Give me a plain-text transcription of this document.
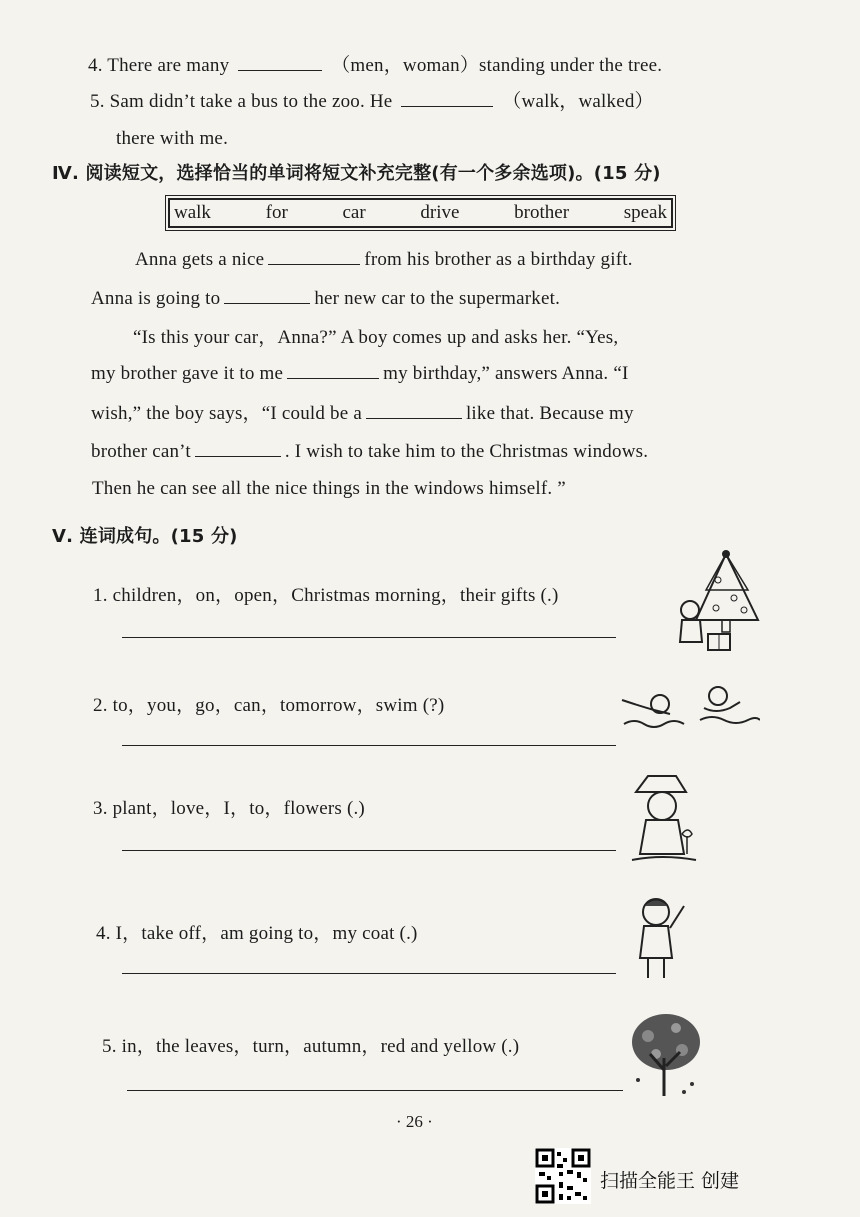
4. There are many	（men，woman）standing under the tree.
5. Sam didn’t take a bus to the zoo. He	（walk，walked）
there with me.
Ⅳ. 阅读短文，选择恰当的单词将短文补充完整(有一个多余选项)。(15 分)
walk	for	car	drive	brother	speak
Anna gets a nice	from his brother as a birthday gift.
Anna is going to	her new car to the supermarket.
“Is this your car，Anna?” A boy comes up and asks her. “Yes,
my brother gave it to me	my birthday,” answers Anna. “I
wish,” the boy says，“I could be a	like that. Because my
brother can’t	. I wish to take him to the Christmas windows.
Then he can see all the nice things in the windows himself. ”
Ⅴ. 连词成句。(15 分)
1. children，on，open，Christmas morning，their gifts (.)
2. to，you，go，can，tomorrow，swim (?)
3. plant，love，I，to，flowers (.)
4. I，take off，am going to，my coat (.)
5. in，the leaves，turn，autumn，red and yellow (.)
· 26 ·
扫描全能王 创建
